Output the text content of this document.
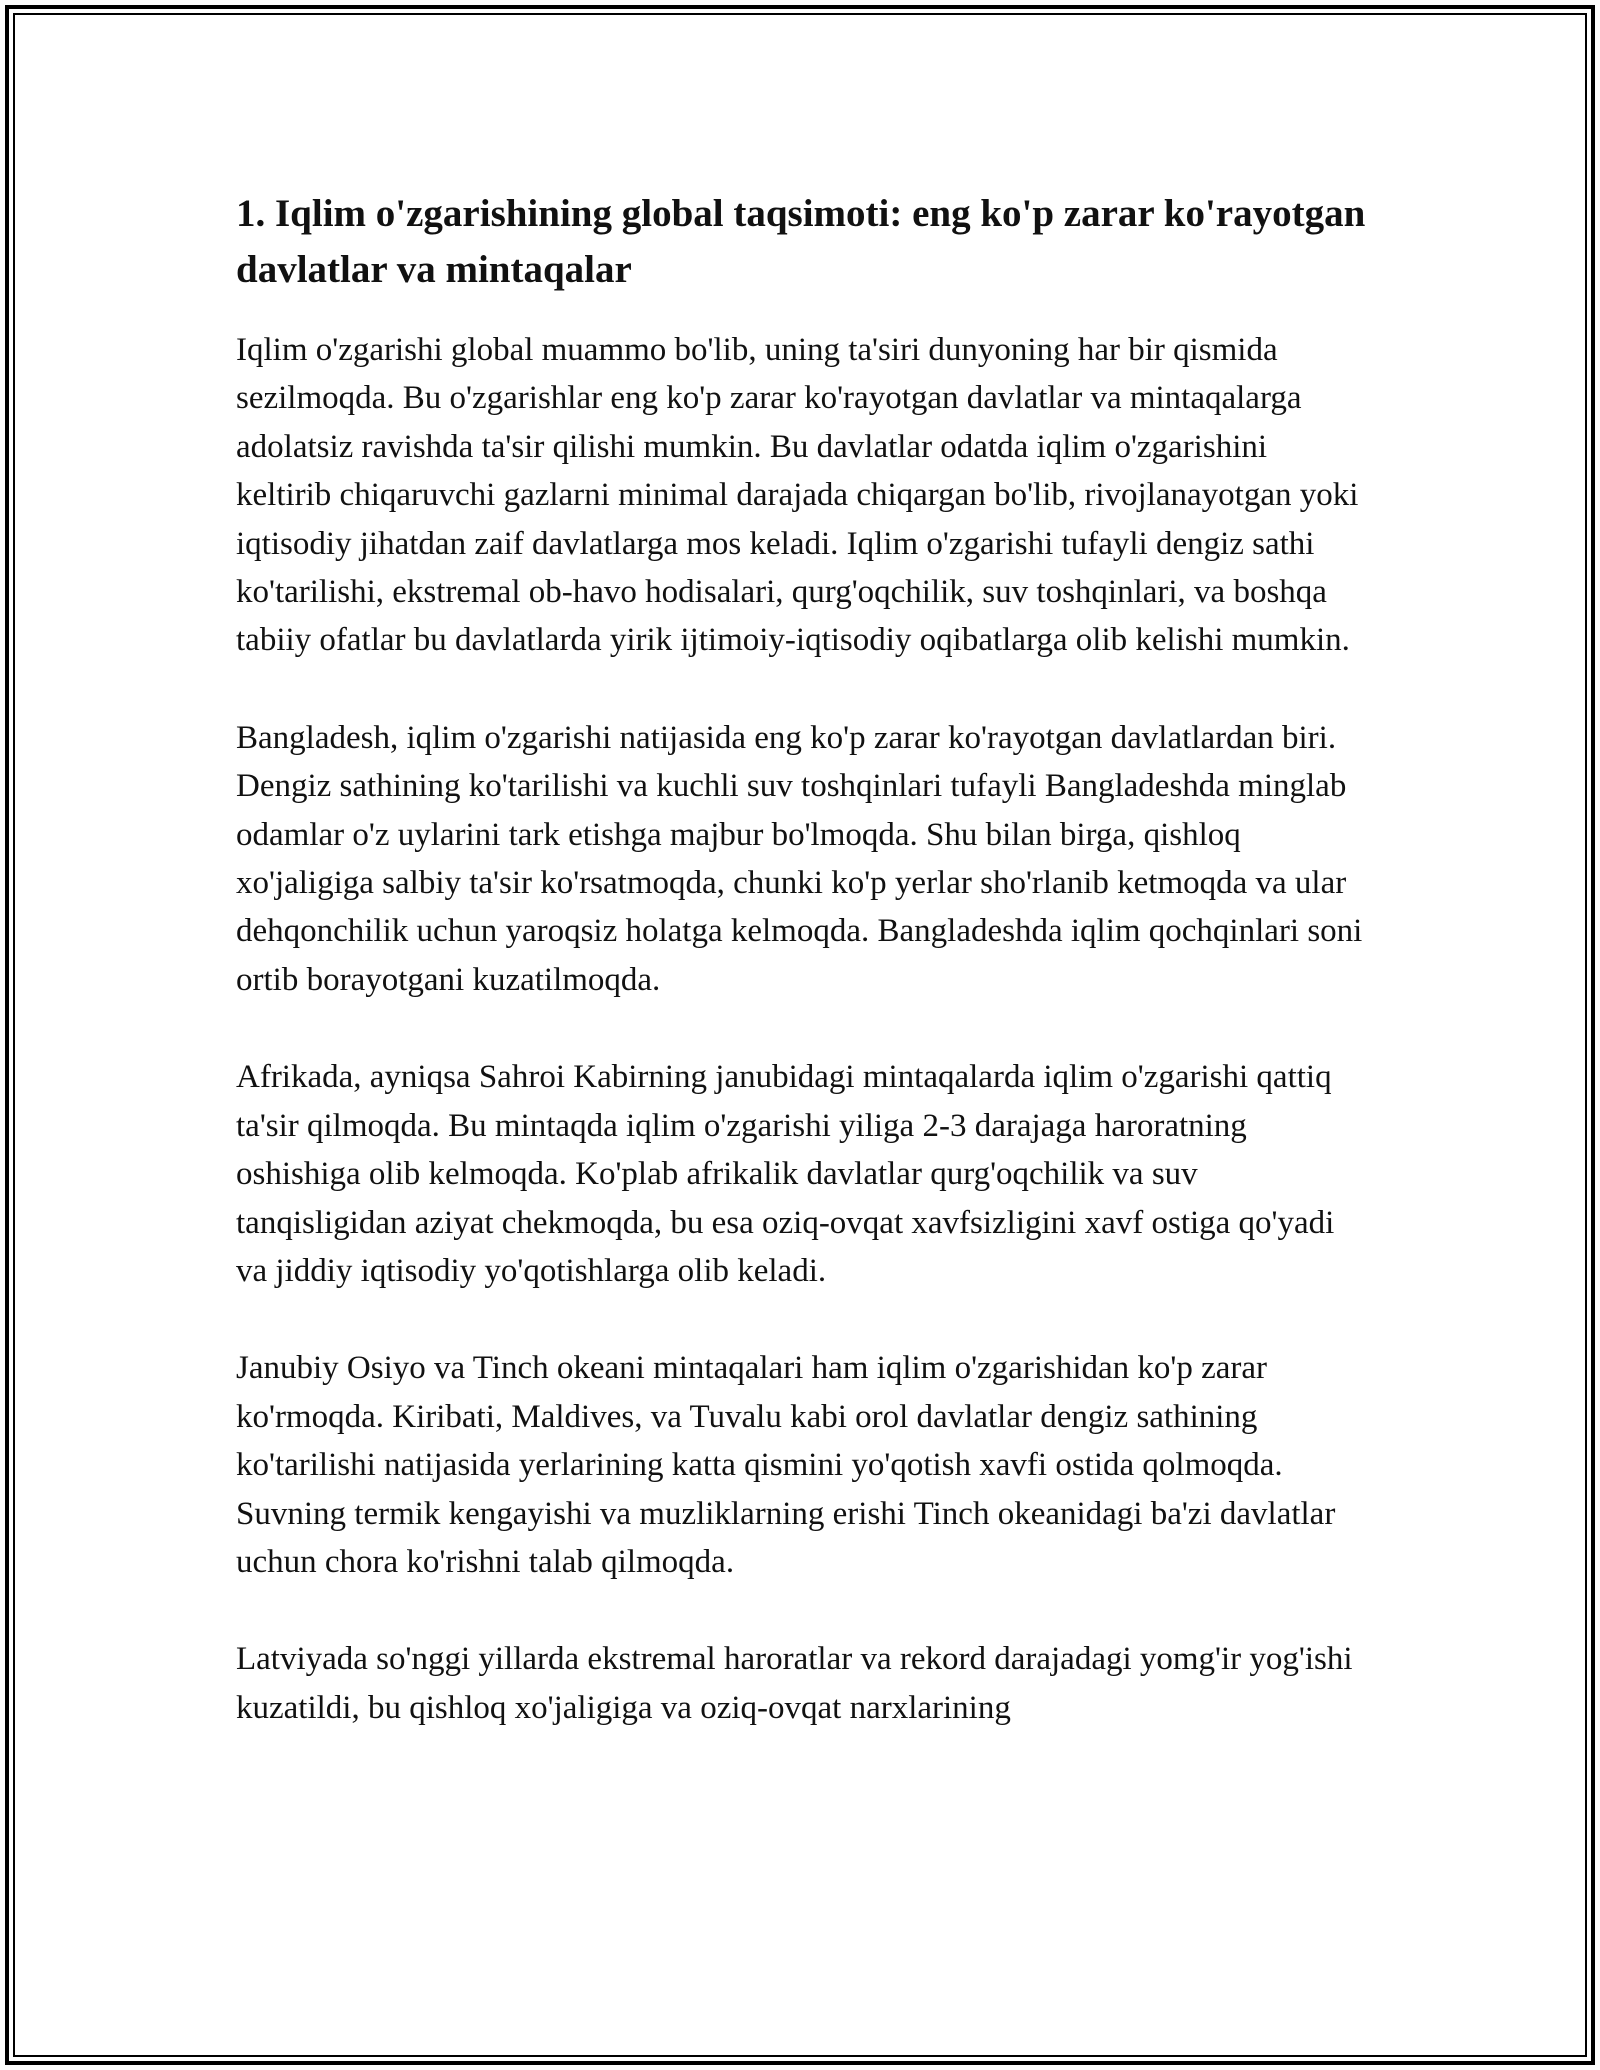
1. Iqlim o'zgarishining global taqsimoti: eng ko'p zarar ko'rayotgan davlatlar va mintaqalar

Iqlim o'zgarishi global muammo bo'lib, uning ta'siri dunyoning har bir qismida sezilmoqda. Bu o'zgarishlar eng ko'p zarar ko'rayotgan davlatlar va mintaqalarga adolatsiz ravishda ta'sir qilishi mumkin. Bu davlatlar odatda iqlim o'zgarishini keltirib chiqaruvchi gazlarni minimal darajada chiqargan bo'lib, rivojlanayotgan yoki iqtisodiy jihatdan zaif davlatlarga mos keladi. Iqlim o'zgarishi tufayli dengiz sathi ko'tarilishi, ekstremal ob-havo hodisalari, qurg'oqchilik, suv toshqinlari, va boshqa tabiiy ofatlar bu davlatlarda yirik ijtimoiy-iqtisodiy oqibatlarga olib kelishi mumkin.

Bangladesh, iqlim o'zgarishi natijasida eng ko'p zarar ko'rayotgan davlatlardan biri. Dengiz sathining ko'tarilishi va kuchli suv toshqinlari tufayli Bangladeshda minglab odamlar o'z uylarini tark etishga majbur bo'lmoqda. Shu bilan birga, qishloq xo'jaligiga salbiy ta'sir ko'rsatmoqda, chunki ko'p yerlar sho'rlanib ketmoqda va ular dehqonchilik uchun yaroqsiz holatga kelmoqda. Bangladeshda iqlim qochqinlari soni ortib borayotgani kuzatilmoqda.

Afrikada, ayniqsa Sahroi Kabirning janubidagi mintaqalarda iqlim o'zgarishi qattiq ta'sir qilmoqda. Bu mintaqda iqlim o'zgarishi yiliga 2-3 darajaga haroratning oshishiga olib kelmoqda. Ko'plab afrikalik davlatlar qurg'oqchilik va suv tanqisligidan aziyat chekmoqda, bu esa oziq-ovqat xavfsizligini xavf ostiga qo'yadi va jiddiy iqtisodiy yo'qotishlarga olib keladi.

Janubiy Osiyo va Tinch okeani mintaqalari ham iqlim o'zgarishidan ko'p zarar ko'rmoqda. Kiribati, Maldives, va Tuvalu kabi orol davlatlar dengiz sathining ko'tarilishi natijasida yerlarining katta qismini yo'qotish xavfi ostida qolmoqda. Suvning termik kengayishi va muzliklarning erishi Tinch okeanidagi ba'zi davlatlar uchun chora ko'rishni talab qilmoqda.

Latviyada so'nggi yillarda ekstremal haroratlar va rekord darajadagi yomg'ir yog'ishi kuzatildi, bu qishloq xo'jaligiga va oziq-ovqat narxlarining
